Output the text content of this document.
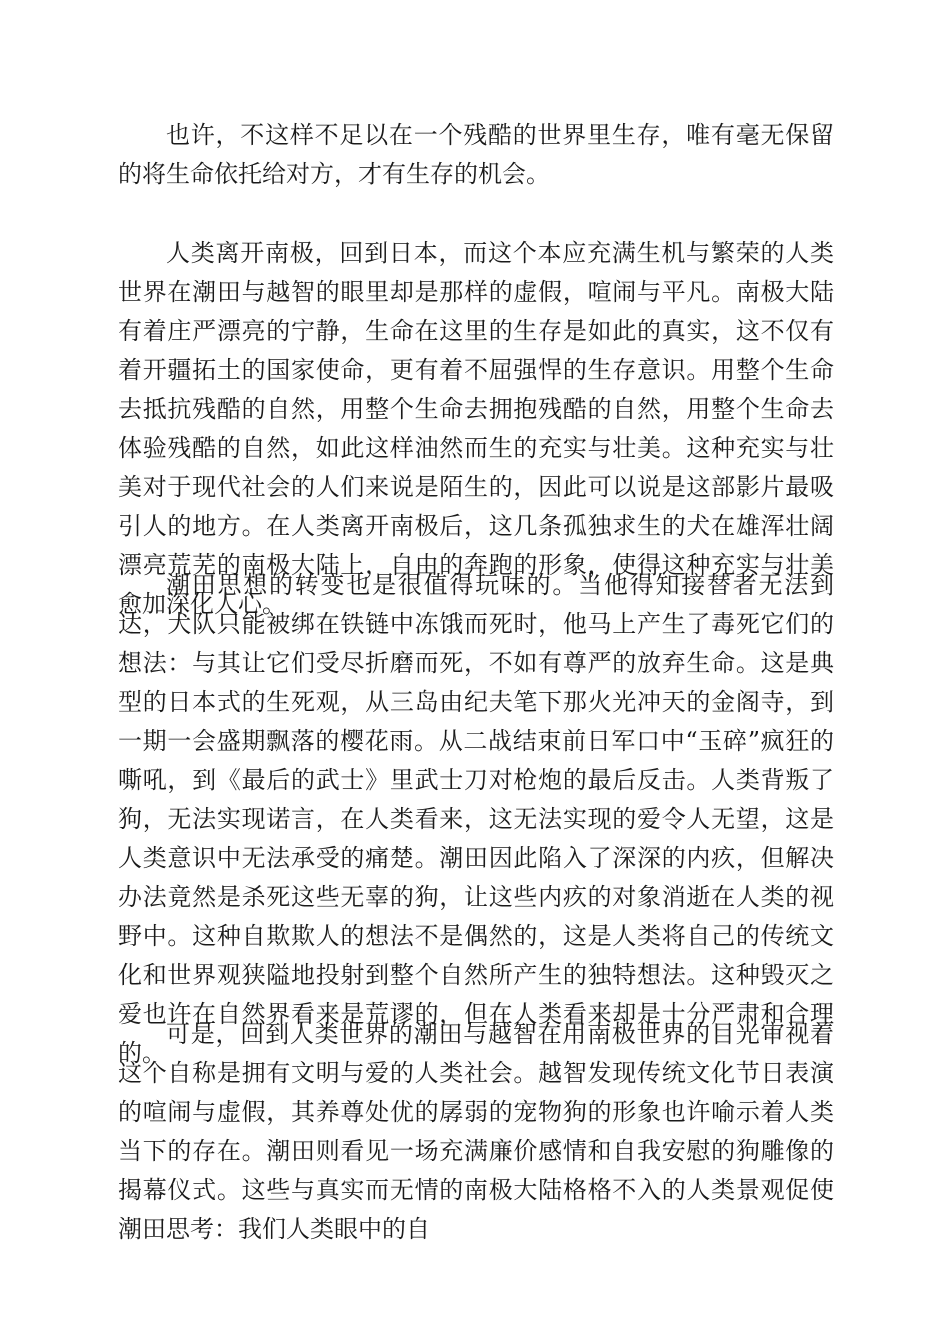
也许，不这样不足以在一个残酷的世界里生存，唯有毫无保留的将生命依托给对方，才有生存的机会。

人类离开南极，回到日本，而这个本应充满生机与繁荣的人类世界在潮田与越智的眼里却是那样的虚假，喧闹与平凡。南极大陆有着庄严漂亮的宁静，生命在这里的生存是如此的真实，这不仅有着开疆拓土的国家使命，更有着不屈强悍的生存意识。用整个生命去抵抗残酷的自然，用整个生命去拥抱残酷的自然，用整个生命去体验残酷的自然，如此这样油然而生的充实与壮美。这种充实与壮美对于现代社会的人们来说是陌生的，因此可以说是这部影片最吸引人的地方。在人类离开南极后，这几条孤独求生的犬在雄浑壮阔漂亮荒芜的南极大陆上，自由的奔跑的形象，使得这种充实与壮美愈加深化人心。

潮田思想的转变也是很值得玩味的。当他得知接替者无法到达，犬队只能被绑在铁链中冻饿而死时，他马上产生了毒死它们的想法：与其让它们受尽折磨而死，不如有尊严的放弃生命。这是典型的日本式的生死观，从三岛由纪夫笔下那火光冲天的金阁寺，到一期一会盛期飘落的樱花雨。从二战结束前日军口中“玉碎”疯狂的嘶吼，到《最后的武士》里武士刀对枪炮的最后反击。人类背叛了狗，无法实现诺言，在人类看来，这无法实现的爱令人无望，这是人类意识中无法承受的痛楚。潮田因此陷入了深深的内疚，但解决办法竟然是杀死这些无辜的狗，让这些内疚的对象消逝在人类的视野中。这种自欺欺人的想法不是偶然的，这是人类将自己的传统文化和世界观狭隘地投射到整个自然所产生的独特想法。这种毁灭之爱也许在自然界看来是荒谬的，但在人类看来却是十分严肃和合理的。

可是，回到人类世界的潮田与越智在用南极世界的目光审视着这个自称是拥有文明与爱的人类社会。越智发现传统文化节日表演的喧闹与虚假，其养尊处优的孱弱的宠物狗的形象也许喻示着人类当下的存在。潮田则看见一场充满廉价感情和自我安慰的狗雕像的揭幕仪式。这些与真实而无情的南极大陆格格不入的人类景观促使潮田思考：我们人类眼中的自
